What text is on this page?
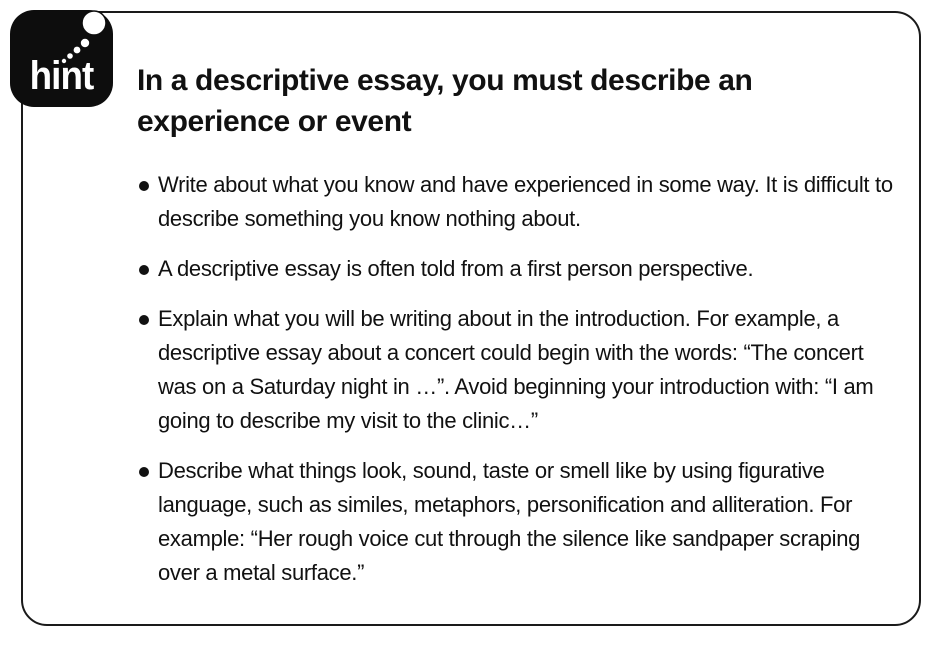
hint	In a descriptive essay, you must describe an experience or event
Write about what you know and have experienced in some way. It is difficult to describe something you know nothing about.
A descriptive essay is often told from a first person perspective.
Explain what you will be writing about in the introduction. For example, a descriptive essay about a concert could begin with the words: “The concert was on a Saturday night in …”. Avoid beginning your introduction with: “I am going to describe my visit to the clinic…”
Describe what things look, sound, taste or smell like by using figurative language, such as similes, metaphors, personification and alliteration. For example: “Her rough voice cut through the silence like sandpaper scraping over a metal surface.”
